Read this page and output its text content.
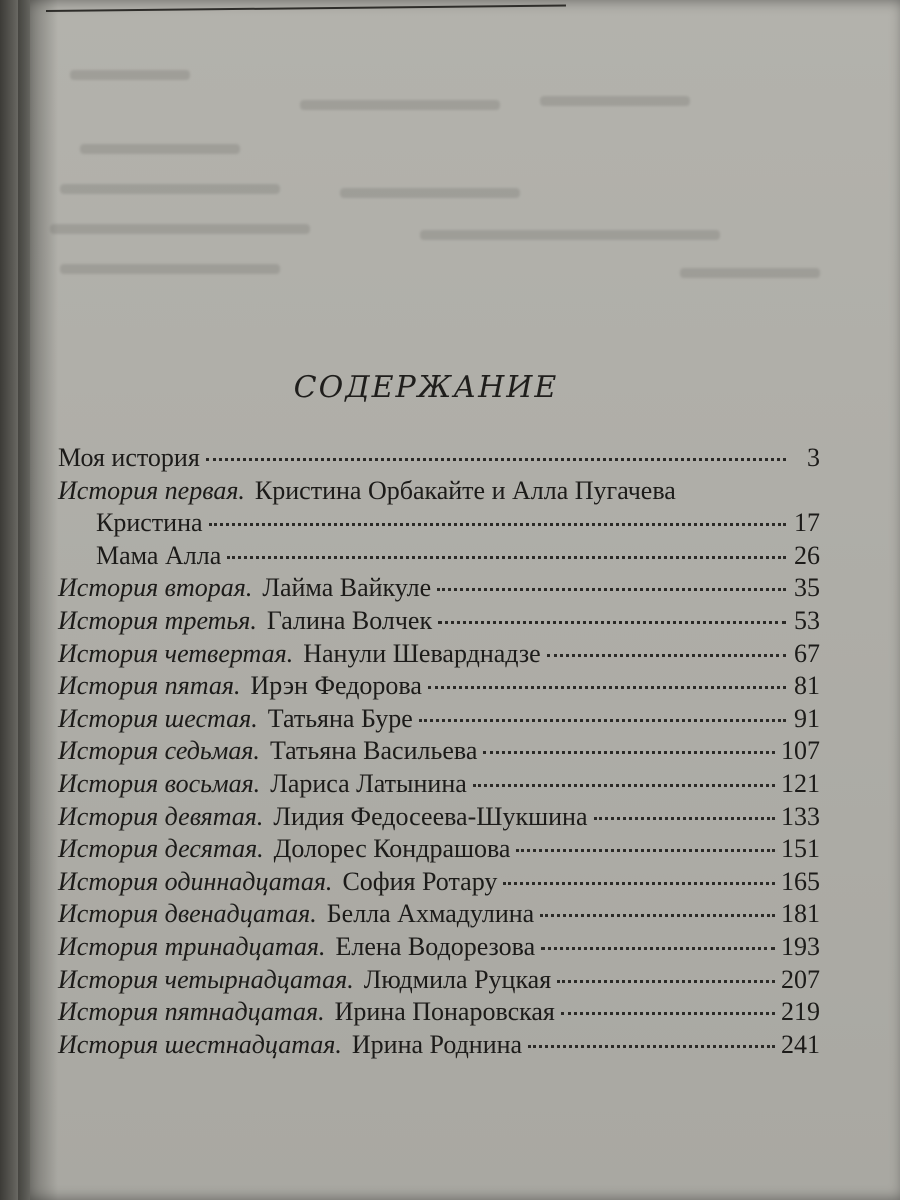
СОДЕРЖАНИЕ
Моя история	3
История первая. Кристина Орбакайте и Алла Пугачева
Кристина	17
Мама Алла	26
История вторая. Лайма Вайкуле	35
История третья. Галина Волчек	53
История четвертая. Нанули Шеварднадзе	67
История пятая. Ирэн Федорова	81
История шестая. Татьяна Буре	91
История седьмая. Татьяна Васильева	107
История восьмая. Лариса Латынина	121
История девятая. Лидия Федосеева-Шукшина	133
История десятая. Долорес Кондрашова	151
История одиннадцатая. София Ротару	165
История двенадцатая. Белла Ахмадулина	181
История тринадцатая. Елена Водорезова	193
История четырнадцатая. Людмила Руцкая	207
История пятнадцатая. Ирина Понаровская	219
История шестнадцатая. Ирина Роднина	241
